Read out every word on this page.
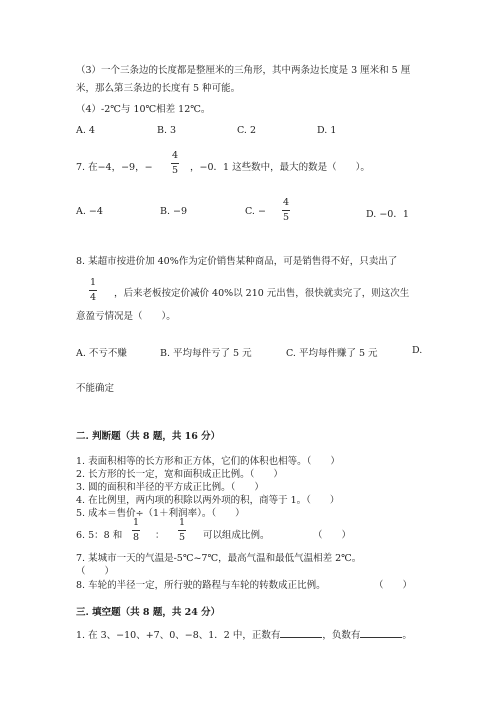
（3）一个三条边的长度都是整厘米的三角形，其中两条边长度是 3 厘米和 5 厘
米，那么第三条边的长度有 5 种可能。
（4）-2℃与 10℃相差 12℃。
A. 4	B. 3	C. 2	D. 1
7. 在−4，−9，−
4
5 ，−0．1 这些数中，最大的数是（　　）。
A. −4	B. −9	C. −
4
5	D. −0．1
8. 某超市按进价加 40%作为定价销售某种商品，可是销售得不好，只卖出了
1
4 ，后来老板按定价减价 40%以 210 元出售，很快就卖完了，则这次生
意盈亏情况是（　　）。
A. 不亏不赚	B. 平均每件亏了 5 元	C. 平均每件赚了 5 元	D.
不能确定
二. 判断题（共 8 题，共 16 分）
1. 表面积相等的长方形和正方体，它们的体积也相等。（　　）
2. 长方形的长一定，宽和面积成正比例。（　　）
3. 圆的面积和半径的平方成正比例。（　　）
4. 在比例里，两内项的积除以两外项的积，商等于 1。（　　）
5. 成本＝售价÷（1＋利润率）。（　　）
6. 5：8 和
1
8 ：
1
5 可以组成比例。	（　　）
7. 某城市一天的气温是-5℃~7℃，最高气温和最低气温相差 2℃。
（　　）
8. 车轮的半径一定，所行驶的路程与车轮的转数成正比例。	（　　）
三. 填空题（共 8 题，共 24 分）
1. 在 3、−10、+7、0、−8、1．2 中，正数有	，负数有	。
